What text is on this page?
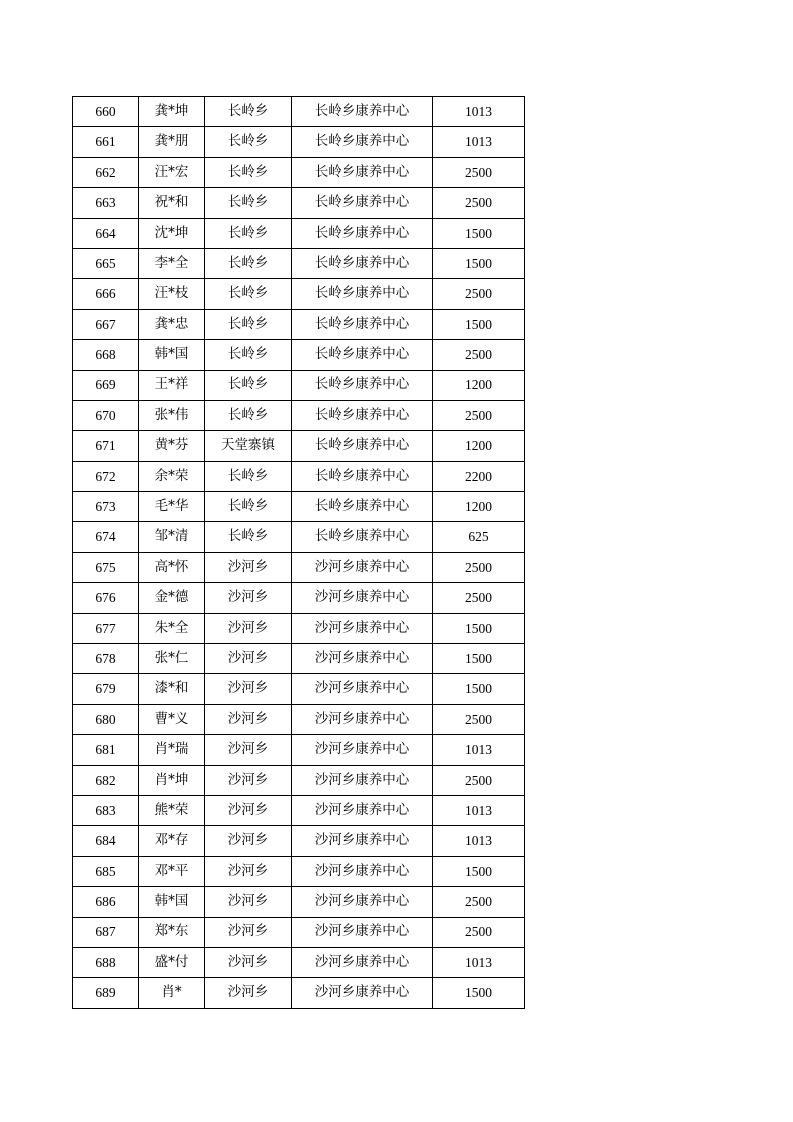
660	龚*坤	长岭乡	长岭乡康养中心	1013
661	龚*朋	长岭乡	长岭乡康养中心	1013
662	汪*宏	长岭乡	长岭乡康养中心	2500
663	祝*和	长岭乡	长岭乡康养中心	2500
664	沈*坤	长岭乡	长岭乡康养中心	1500
665	李*全	长岭乡	长岭乡康养中心	1500
666	汪*枝	长岭乡	长岭乡康养中心	2500
667	龚*忠	长岭乡	长岭乡康养中心	1500
668	韩*国	长岭乡	长岭乡康养中心	2500
669	王*祥	长岭乡	长岭乡康养中心	1200
670	张*伟	长岭乡	长岭乡康养中心	2500
671	黄*芬	天堂寨镇	长岭乡康养中心	1200
672	余*荣	长岭乡	长岭乡康养中心	2200
673	毛*华	长岭乡	长岭乡康养中心	1200
674	邹*清	长岭乡	长岭乡康养中心	625
675	高*怀	沙河乡	沙河乡康养中心	2500
676	金*德	沙河乡	沙河乡康养中心	2500
677	朱*全	沙河乡	沙河乡康养中心	1500
678	张*仁	沙河乡	沙河乡康养中心	1500
679	漆*和	沙河乡	沙河乡康养中心	1500
680	曹*义	沙河乡	沙河乡康养中心	2500
681	肖*瑞	沙河乡	沙河乡康养中心	1013
682	肖*坤	沙河乡	沙河乡康养中心	2500
683	熊*荣	沙河乡	沙河乡康养中心	1013
684	邓*存	沙河乡	沙河乡康养中心	1013
685	邓*平	沙河乡	沙河乡康养中心	1500
686	韩*国	沙河乡	沙河乡康养中心	2500
687	郑*东	沙河乡	沙河乡康养中心	2500
688	盛*付	沙河乡	沙河乡康养中心	1013
689	肖*	沙河乡	沙河乡康养中心	1500
